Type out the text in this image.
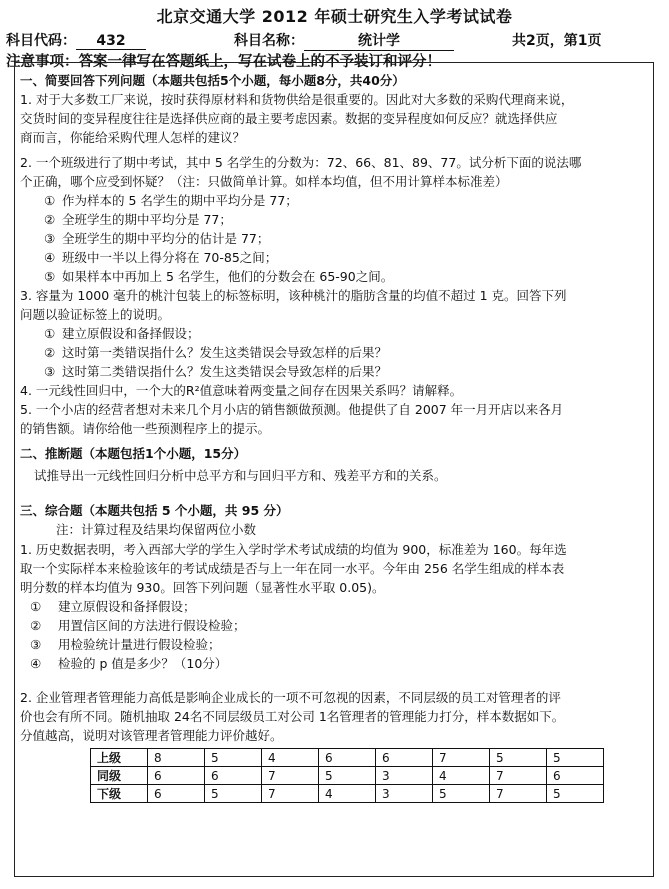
北京交通大学 2012 年硕士研究生入学考试试卷
科目代码： 432	科目名称：	统计学	共2页，第1页
注意事项：答案一律写在答题纸上，写在试卷上的不予装订和评分！
一、简要回答下列问题（本题共包括5个小题，每小题8分，共40分）
1. 对于大多数工厂来说，按时获得原材料和货物供给是很重要的。因此对大多数的采购代理商来说，
交货时间的变异程度往往是选择供应商的最主要考虑因素。数据的变异程度如何反应？就选择供应
商而言，你能给采购代理人怎样的建议？
2. 一个班级进行了期中考试，其中 5 名学生的分数为：72、66、81、89、77。试分析下面的说法哪
个正确，哪个应受到怀疑？（注：只做简单计算。如样本均值，但不用计算样本标准差）
① 作为样本的 5 名学生的期中平均分是 77；
② 全班学生的期中平均分是 77；
③ 全班学生的期中平均分的估计是 77；
④ 班级中一半以上得分将在 70-85之间；
⑤ 如果样本中再加上 5 名学生，他们的分数会在 65-90之间。
3. 容量为 1000 毫升的桃汁包装上的标签标明，该种桃汁的脂肪含量的均值不超过 1 克。回答下列
问题以验证标签上的说明。
① 建立原假设和备择假设；
② 这时第一类错误指什么？发生这类错误会导致怎样的后果？
③ 这时第二类错误指什么？发生这类错误会导致怎样的后果？
4. 一元线性回归中，一个大的R²值意味着两变量之间存在因果关系吗？请解释。
5. 一个小店的经营者想对未来几个月小店的销售额做预测。他提供了自 2007 年一月开店以来各月
的销售额。请你给他一些预测程序上的提示。
二、推断题（本题包括1个小题，15分）
试推导出一元线性回归分析中总平方和与回归平方和、残差平方和的关系。
三、综合题（本题共包括 5 个小题，共 95 分）
注：计算过程及结果均保留两位小数
1. 历史数据表明，考入西部大学的学生入学时学术考试成绩的均值为 900，标准差为 160。每年选
取一个实际样本来检验该年的考试成绩是否与上一年在同一水平。今年由 256 名学生组成的样本表
明分数的样本均值为 930。回答下列问题（显著性水平取 0.05)。
① 建立原假设和备择假设；
② 用置信区间的方法进行假设检验；
③ 用检验统计量进行假设检验；
④ 检验的 p 值是多少？（10分）
2. 企业管理者管理能力高低是影响企业成长的一项不可忽视的因素，不同层级的员工对管理者的评
价也会有所不同。随机抽取 24名不同层级员工对公司 1名管理者的管理能力打分，样本数据如下。
分值越高，说明对该管理者管理能力评价越好。
上级	8	5	4	6	6	7	5	5
同级	6	6	7	5	3	4	7	6
下级	6	5	7	4	3	5	7	5
